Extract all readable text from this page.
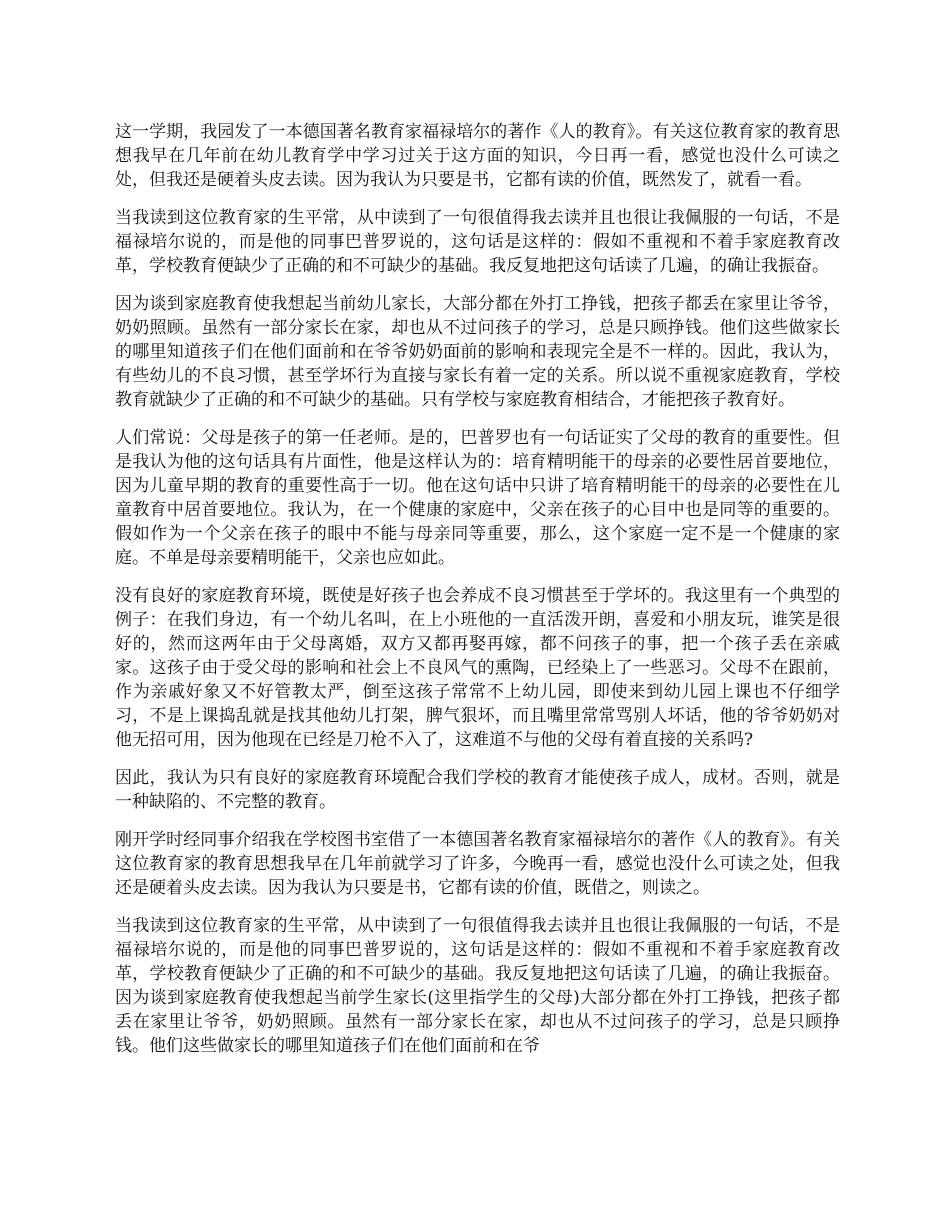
这一学期，我园发了一本德国著名教育家福禄培尔的著作《人的教育》。有关这位教育家的教育思想我早在几年前在幼儿教育学中学习过关于这方面的知识，今日再一看，感觉也没什么可读之处，但我还是硬着头皮去读。因为我认为只要是书，它都有读的价值，既然发了，就看一看。

当我读到这位教育家的生平常，从中读到了一句很值得我去读并且也很让我佩服的一句话，不是福禄培尔说的，而是他的同事巴普罗说的，这句话是这样的：假如不重视和不着手家庭教育改革，学校教育便缺少了正确的和不可缺少的基础。我反复地把这句话读了几遍，的确让我振奋。

因为谈到家庭教育使我想起当前幼儿家长，大部分都在外打工挣钱，把孩子都丢在家里让爷爷，奶奶照顾。虽然有一部分家长在家，却也从不过问孩子的学习，总是只顾挣钱。他们这些做家长的哪里知道孩子们在他们面前和在爷爷奶奶面前的影响和表现完全是不一样的。因此，我认为，有些幼儿的不良习惯，甚至学坏行为直接与家长有着一定的关系。所以说不重视家庭教育，学校教育就缺少了正确的和不可缺少的基础。只有学校与家庭教育相结合，才能把孩子教育好。

人们常说：父母是孩子的第一任老师。是的，巴普罗也有一句话证实了父母的教育的重要性。但是我认为他的这句话具有片面性，他是这样认为的：培育精明能干的母亲的必要性居首要地位，因为儿童早期的教育的重要性高于一切。他在这句话中只讲了培育精明能干的母亲的必要性在儿童教育中居首要地位。我认为，在一个健康的家庭中，父亲在孩子的心目中也是同等的重要的。假如作为一个父亲在孩子的眼中不能与母亲同等重要，那么，这个家庭一定不是一个健康的家庭。不单是母亲要精明能干，父亲也应如此。

没有良好的家庭教育环境，既使是好孩子也会养成不良习惯甚至于学坏的。我这里有一个典型的例子：在我们身边，有一个幼儿名叫，在上小班他的一直活泼开朗，喜爱和小朋友玩，谁笑是很好的，然而这两年由于父母离婚，双方又都再娶再嫁，都不问孩子的事，把一个孩子丢在亲戚家。这孩子由于受父母的影响和社会上不良风气的熏陶，已经染上了一些恶习。父母不在跟前，作为亲戚好象又不好管教太严，倒至这孩子常常不上幼儿园，即使来到幼儿园上课也不仔细学习，不是上课捣乱就是找其他幼儿打架，脾气狠坏，而且嘴里常常骂别人坏话，他的爷爷奶奶对他无招可用，因为他现在已经是刀枪不入了，这难道不与他的父母有着直接的关系吗?

因此，我认为只有良好的家庭教育环境配合我们学校的教育才能使孩子成人，成材。否则，就是一种缺陷的、不完整的教育。

刚开学时经同事介绍我在学校图书室借了一本德国著名教育家福禄培尔的著作《人的教育》。有关这位教育家的教育思想我早在几年前就学习了许多，今晚再一看，感觉也没什么可读之处，但我还是硬着头皮去读。因为我认为只要是书，它都有读的价值，既借之，则读之。

当我读到这位教育家的生平常，从中读到了一句很值得我去读并且也很让我佩服的一句话，不是福禄培尔说的，而是他的同事巴普罗说的，这句话是这样的：假如不重视和不着手家庭教育改革，学校教育便缺少了正确的和不可缺少的基础。我反复地把这句话读了几遍，的确让我振奋。因为谈到家庭教育使我想起当前学生家长(这里指学生的父母)大部分都在外打工挣钱，把孩子都丢在家里让爷爷，奶奶照顾。虽然有一部分家长在家，却也从不过问孩子的学习，总是只顾挣钱。他们这些做家长的哪里知道孩子们在他们面前和在爷
